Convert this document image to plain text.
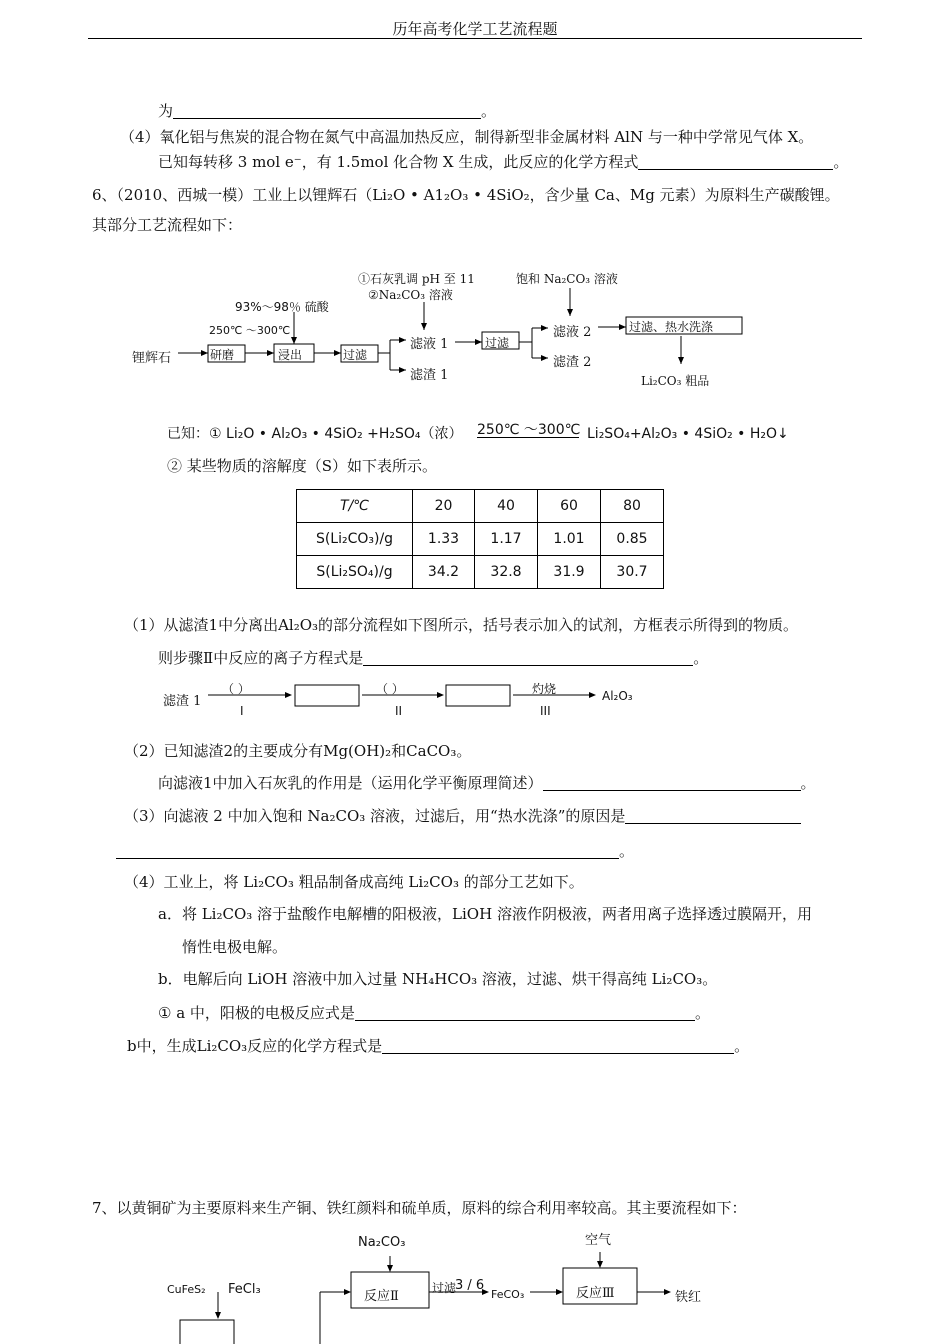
历年高考化学工艺流程题
为	。
（4）氧化铝与焦炭的混合物在氮气中高温加热反应，制得新型非金属材料 AlN 与一种中学常见气体 X。
已知每转移 3 mol e⁻，有 1.5mol 化合物 X 生成，此反应的化学方程式	。
6、（2010、西城一模）工业上以锂辉石（Li₂O • A1₂O₃ • 4SiO₂，含少量 Ca、Mg 元素）为原料生产碳酸锂。
其部分工艺流程如下：
锂辉石	研磨	浸出	过滤
93%～98％ 硫酸
250℃ ～300℃
①石灰乳调 pH 至 11
②Na₂CO₃ 溶液
饱和 Na₂CO₃ 溶液
滤液 1
滤渣 1
过滤
滤液 2
滤渣 2
过滤、热水洗涤
Li₂CO₃ 粗品
已知：① Li₂O • Al₂O₃ • 4SiO₂ +H₂SO₄（浓） 250℃ ～300℃ Li₂SO₄+Al₂O₃ • 4SiO₂ • H₂O↓
② 某些物质的溶解度（S）如下表所示。
T/℃	20	40	60	80
S(Li₂CO₃)/g	1.33	1.17	1.01	0.85
S(Li₂SO₄)/g	34.2	32.8	31.9	30.7
（1）从滤渣1中分离出Al₂O₃的部分流程如下图所示，括号表示加入的试剂，方框表示所得到的物质。
则步骤Ⅱ中反应的离子方程式是	。
滤渣 1
（ ）	（ ）	灼烧
I	II	III
Al₂O₃
（2）已知滤渣2的主要成分有Mg(OH)₂和CaCO₃。
向滤液1中加入石灰乳的作用是（运用化学平衡原理简述）	。
（3）向滤液 2 中加入饱和 Na₂CO₃ 溶液，过滤后，用“热水洗涤”的原因是
。
（4）工业上，将 Li₂CO₃ 粗品制备成高纯 Li₂CO₃ 的部分工艺如下。
a．将 Li₂CO₃ 溶于盐酸作电解槽的阳极液，LiOH 溶液作阴极液，两者用离子选择透过膜隔开，用
惰性电极电解。
b．电解后向 LiOH 溶液中加入过量 NH₄HCO₃ 溶液，过滤、烘干得高纯 Li₂CO₃。
① a 中，阳极的电极反应式是	。
b中，生成Li₂CO₃反应的化学方程式是	。
7、以黄铜矿为主要原料来生产铜、铁红颜料和硫单质，原料的综合利用率较高。其主要流程如下：
Na₂CO₃	空气
CuFeS₂ FeCl₃	反应Ⅱ
过滤	FeCO₃	反应Ⅲ	铁红
3 / 6
